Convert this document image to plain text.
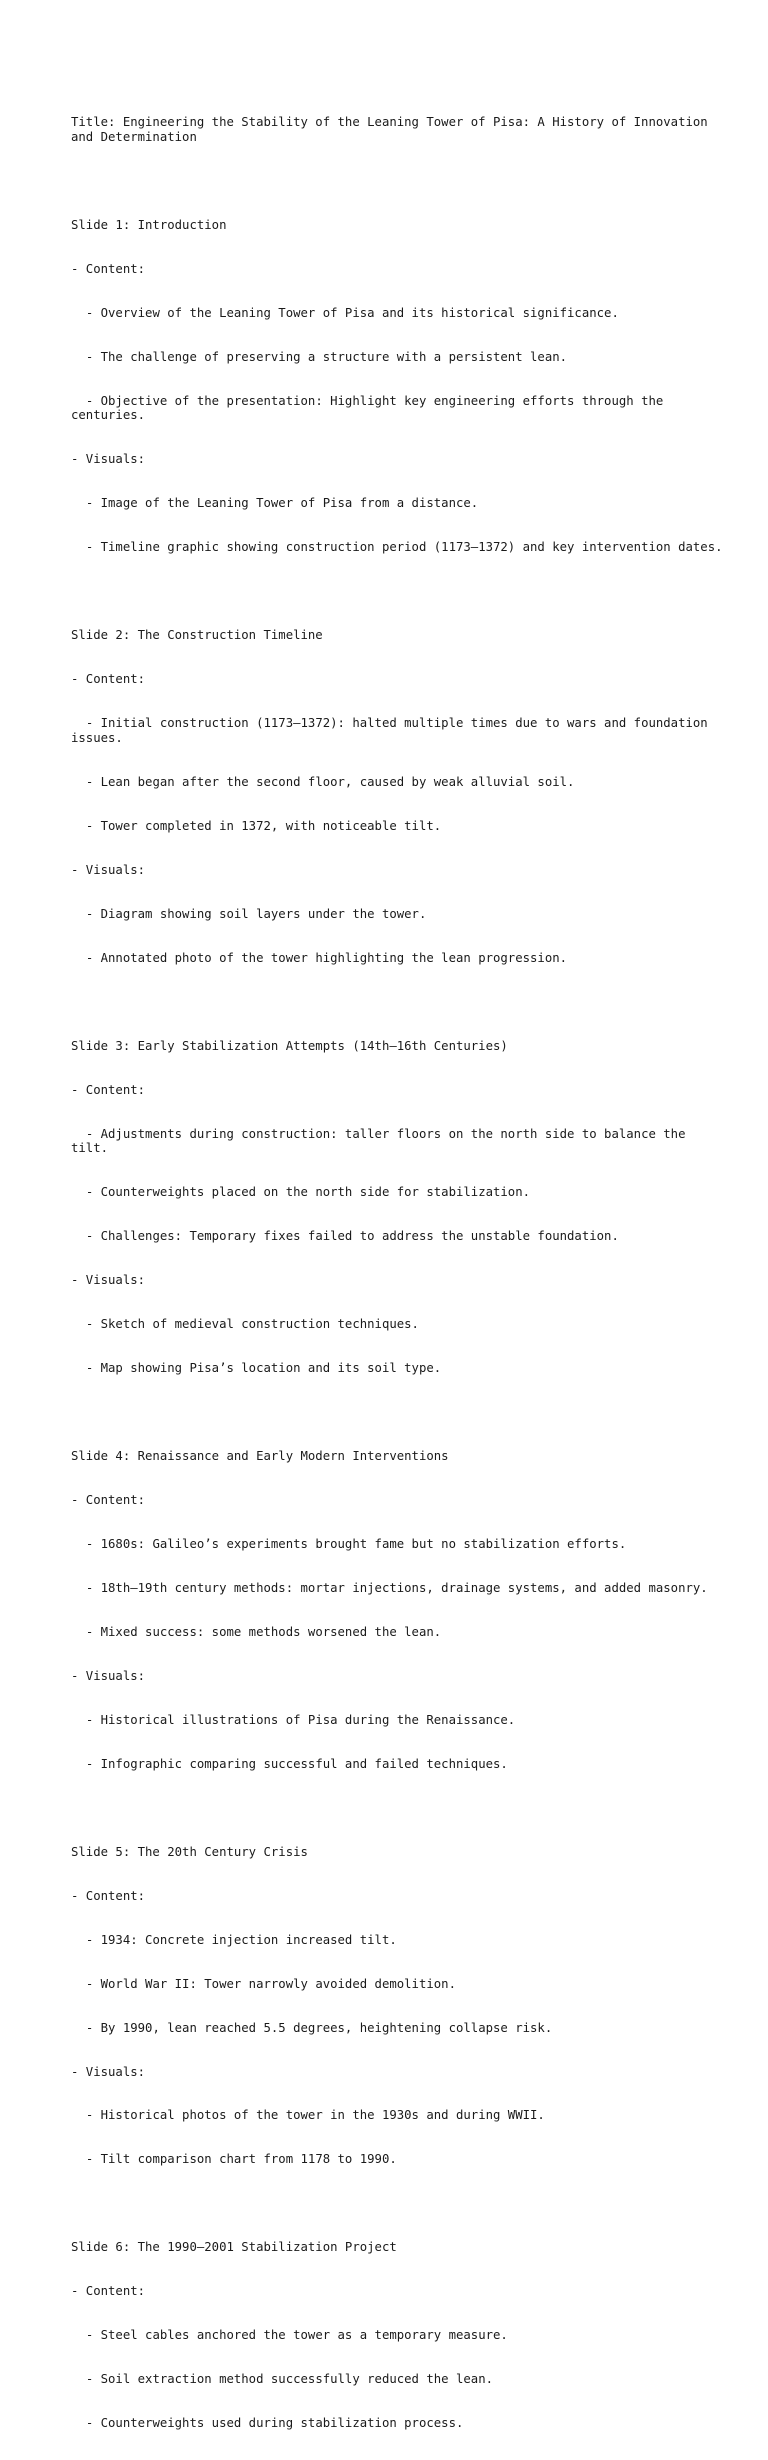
Title: Engineering the Stability of the Leaning Tower of Pisa: A History of Innovation and Determination

Slide 1: Introduction

- Content:

- Overview of the Leaning Tower of Pisa and its historical significance.

- The challenge of preserving a structure with a persistent lean.

- Objective of the presentation: Highlight key engineering efforts through the centuries.

- Visuals:

- Image of the Leaning Tower of Pisa from a distance.

- Timeline graphic showing construction period (1173–1372) and key intervention dates.

Slide 2: The Construction Timeline

- Content:

- Initial construction (1173–1372): halted multiple times due to wars and foundation issues.

- Lean began after the second floor, caused by weak alluvial soil.

- Tower completed in 1372, with noticeable tilt.

- Visuals:

- Diagram showing soil layers under the tower.

- Annotated photo of the tower highlighting the lean progression.

Slide 3: Early Stabilization Attempts (14th–16th Centuries)

- Content:

- Adjustments during construction: taller floors on the north side to balance the tilt.

- Counterweights placed on the north side for stabilization.

- Challenges: Temporary fixes failed to address the unstable foundation.

- Visuals:

- Sketch of medieval construction techniques.

- Map showing Pisa’s location and its soil type.

Slide 4: Renaissance and Early Modern Interventions

- Content:

- 1680s: Galileo’s experiments brought fame but no stabilization efforts.

- 18th–19th century methods: mortar injections, drainage systems, and added masonry.

- Mixed success: some methods worsened the lean.

- Visuals:

- Historical illustrations of Pisa during the Renaissance.

- Infographic comparing successful and failed techniques.

Slide 5: The 20th Century Crisis

- Content:

- 1934: Concrete injection increased tilt.

- World War II: Tower narrowly avoided demolition.

- By 1990, lean reached 5.5 degrees, heightening collapse risk.

- Visuals:

- Historical photos of the tower in the 1930s and during WWII.

- Tilt comparison chart from 1178 to 1990.

Slide 6: The 1990–2001 Stabilization Project

- Content:

- Steel cables anchored the tower as a temporary measure.

- Soil extraction method successfully reduced the lean.

- Counterweights used during stabilization process.
